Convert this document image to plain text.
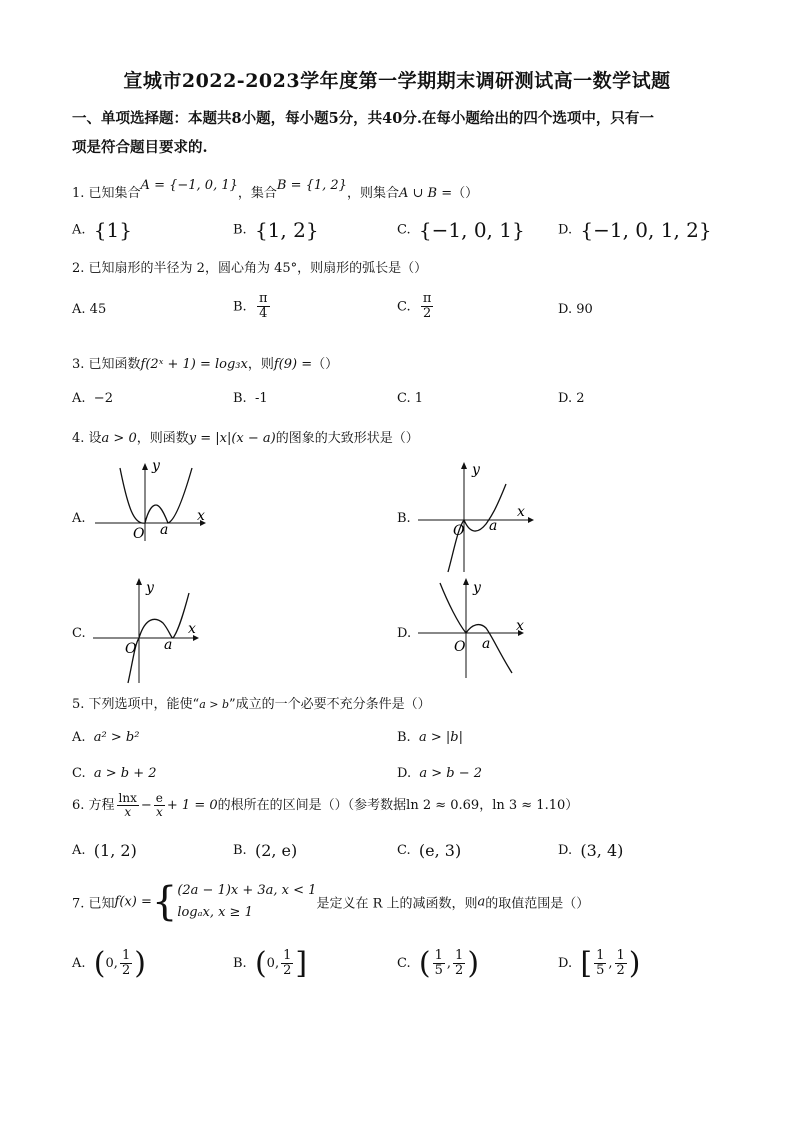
宣城市2022-2023学年度第一学期期末调研测试高一数学试题
一、单项选择题：本题共8小题，每小题5分，共40分.在每小题给出的四个选项中，只有一
项是符合题目要求的.
1. 已知集合A = {−1, 0, 1}，集合B = {1, 2}，则集合A ∪ B =（）
A. {1}	B. {1, 2}	C. {−1, 0, 1}	D. {−1, 0, 1, 2}
2. 已知扇形的半径为 2，圆心角为 45°，则扇形的弧长是（）
A. 45	B. $\frac{\pi}{4}$	C. $\frac{\pi}{2}$	D. 90
3. 已知函数f(2ˣ + 1) = log₃x，则f(9) =（）
A. −2	B. -1	C. 1	D. 2
4. 设a > 0，则函数y = |x|(x − a)的图象的大致形状是（）
A.	x
y
O a
B.	x
y
O a
C.	x
y
O a
D.	x
y
O a
5. 下列选项中，能使“a > b”成立的一个必要不充分条件是（）
A. a² > b²	B. a > |b|
C. a > b + 2	D. a > b − 2
6. 方程 $\frac{\ln x}{x} - \frac{e}{x} + 1 = 0$的根所在的区间是（）（参考数据ln 2 ≈ 0.69，ln 3 ≈ 1.10）
A. (1, 2)	B. (2, e)	C. (e, 3)	D. (3, 4)
7. 已知f(x) ={ (2a − 1)x + 3a, x < 1
logₐx, x ≥ 1
是定义在 R 上的减函数，则a的取值范围是（）
A. (0, $\frac{1}{2}$ )	B. (0, $\frac{1}{2}$ ]	C. ( $\frac{1}{5}$ , $\frac{1}{2}$ )	D. [ $\frac{1}{5}$ , $\frac{1}{2}$ )
